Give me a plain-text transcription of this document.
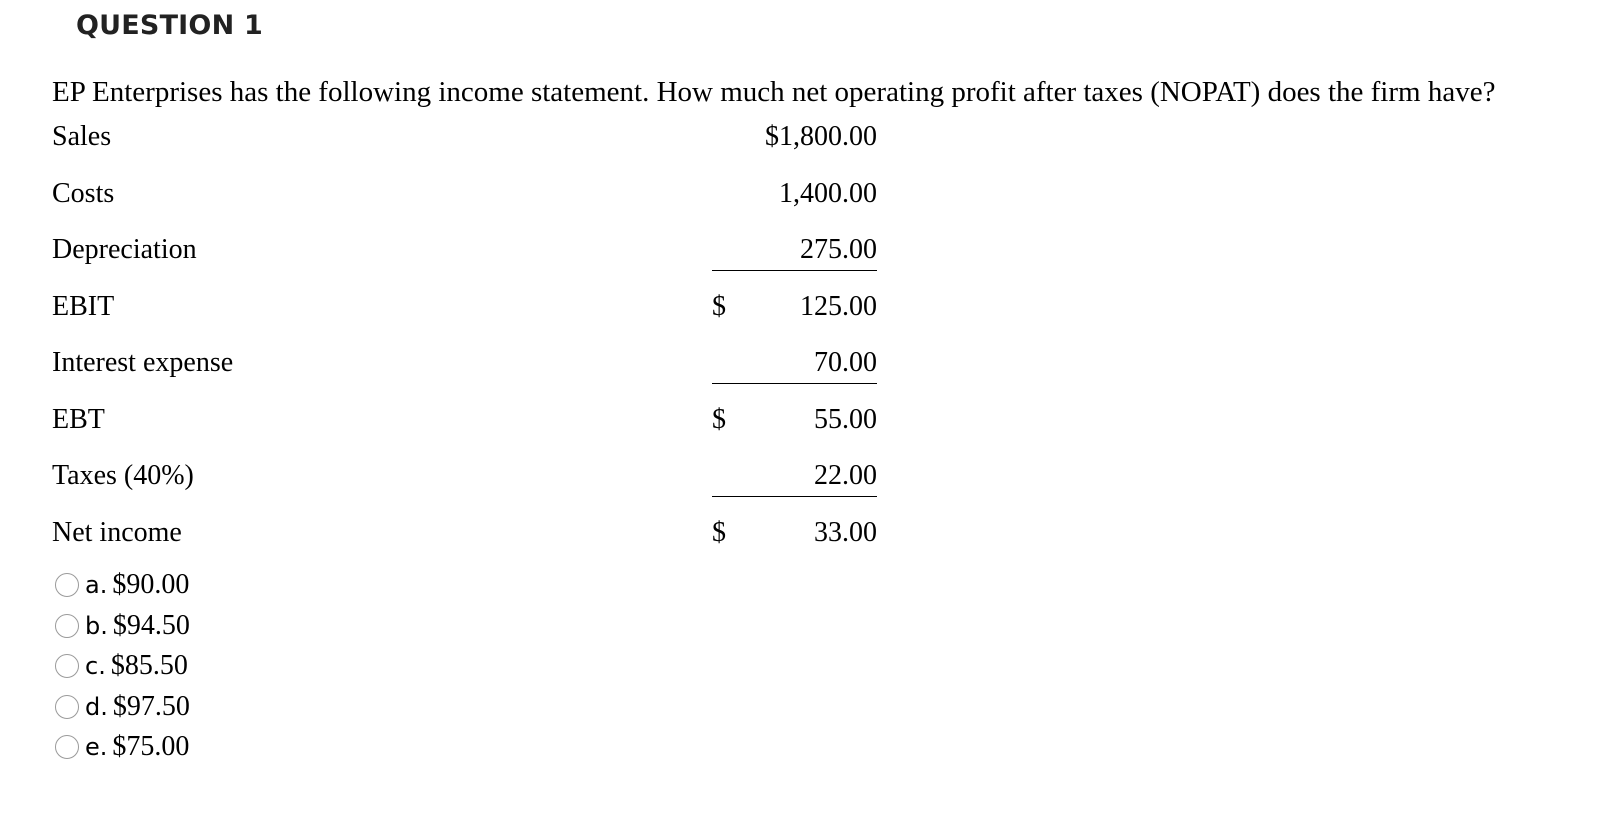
QUESTION 1

EP Enterprises has the following income statement. How much net operating profit after taxes (NOPAT) does the firm have?

Sales	$1,800.00
Costs	1,400.00
Depreciation	275.00
EBIT	$	125.00
Interest expense	70.00
EBT	$	55.00
Taxes (40%)	22.00
Net income	$	33.00
a. $90.00
b. $94.50
c. $85.50
d. $97.50
e. $75.00
